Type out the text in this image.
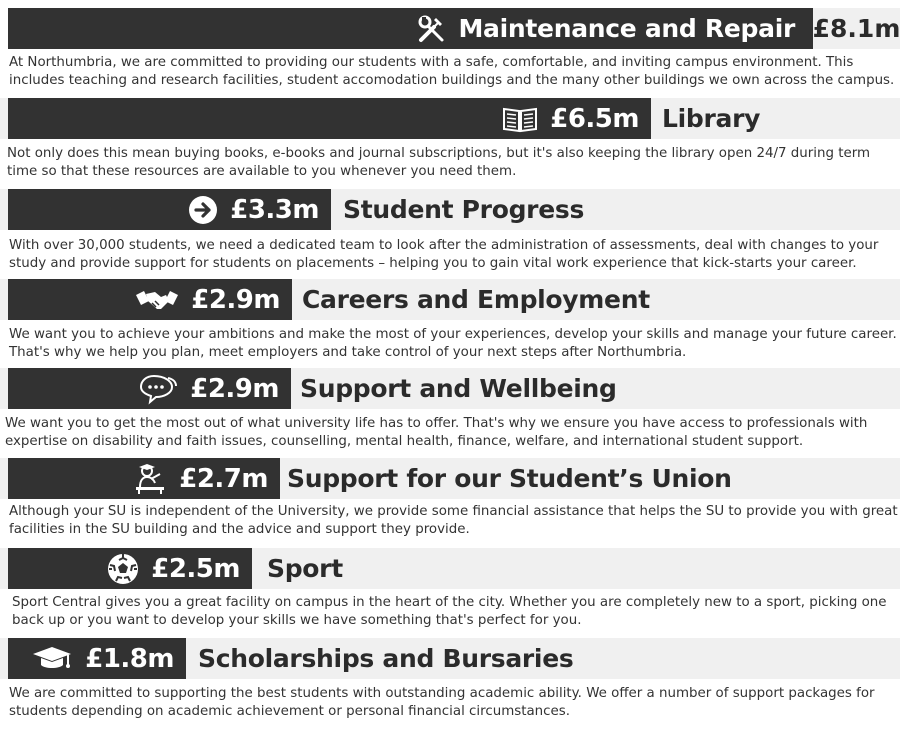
Maintenance and Repair £8.1m
At Northumbria, we are committed to providing our students with a safe, comfortable, and inviting campus environment. This includes teaching and research facilities, student accomodation buildings and the many other buildings we own across the campus.
£6.5m Library
Not only does this mean buying books, e-books and journal subscriptions, but it's also keeping the library open 24/7 during term time so that these resources are available to you whenever you need them.
£3.3m Student Progress
With over 30,000 students, we need a dedicated team to look after the administration of assessments, deal with changes to your study and provide support for students on placements – helping you to gain vital work experience that kick-starts your career.
£2.9m Careers and Employment
We want you to achieve your ambitions and make the most of your experiences, develop your skills and manage your future career. That's why we help you plan, meet employers and take control of your next steps after Northumbria.
£2.9m Support and Wellbeing
We want you to get the most out of what university life has to offer. That's why we ensure you have access to professionals with expertise on disability and faith issues, counselling, mental health, finance, welfare, and international student support.
£2.7m Support for our Student’s Union
Although your SU is independent of the University, we provide some financial assistance that helps the SU to provide you with great facilities in the SU building and the advice and support they provide.
£2.5m Sport
Sport Central gives you a great facility on campus in the heart of the city. Whether you are completely new to a sport, picking one back up or you want to develop your skills we have something that's perfect for you.
£1.8m Scholarships and Bursaries
We are committed to supporting the best students with outstanding academic ability. We offer a number of support packages for students depending on academic achievement or personal financial circumstances.
